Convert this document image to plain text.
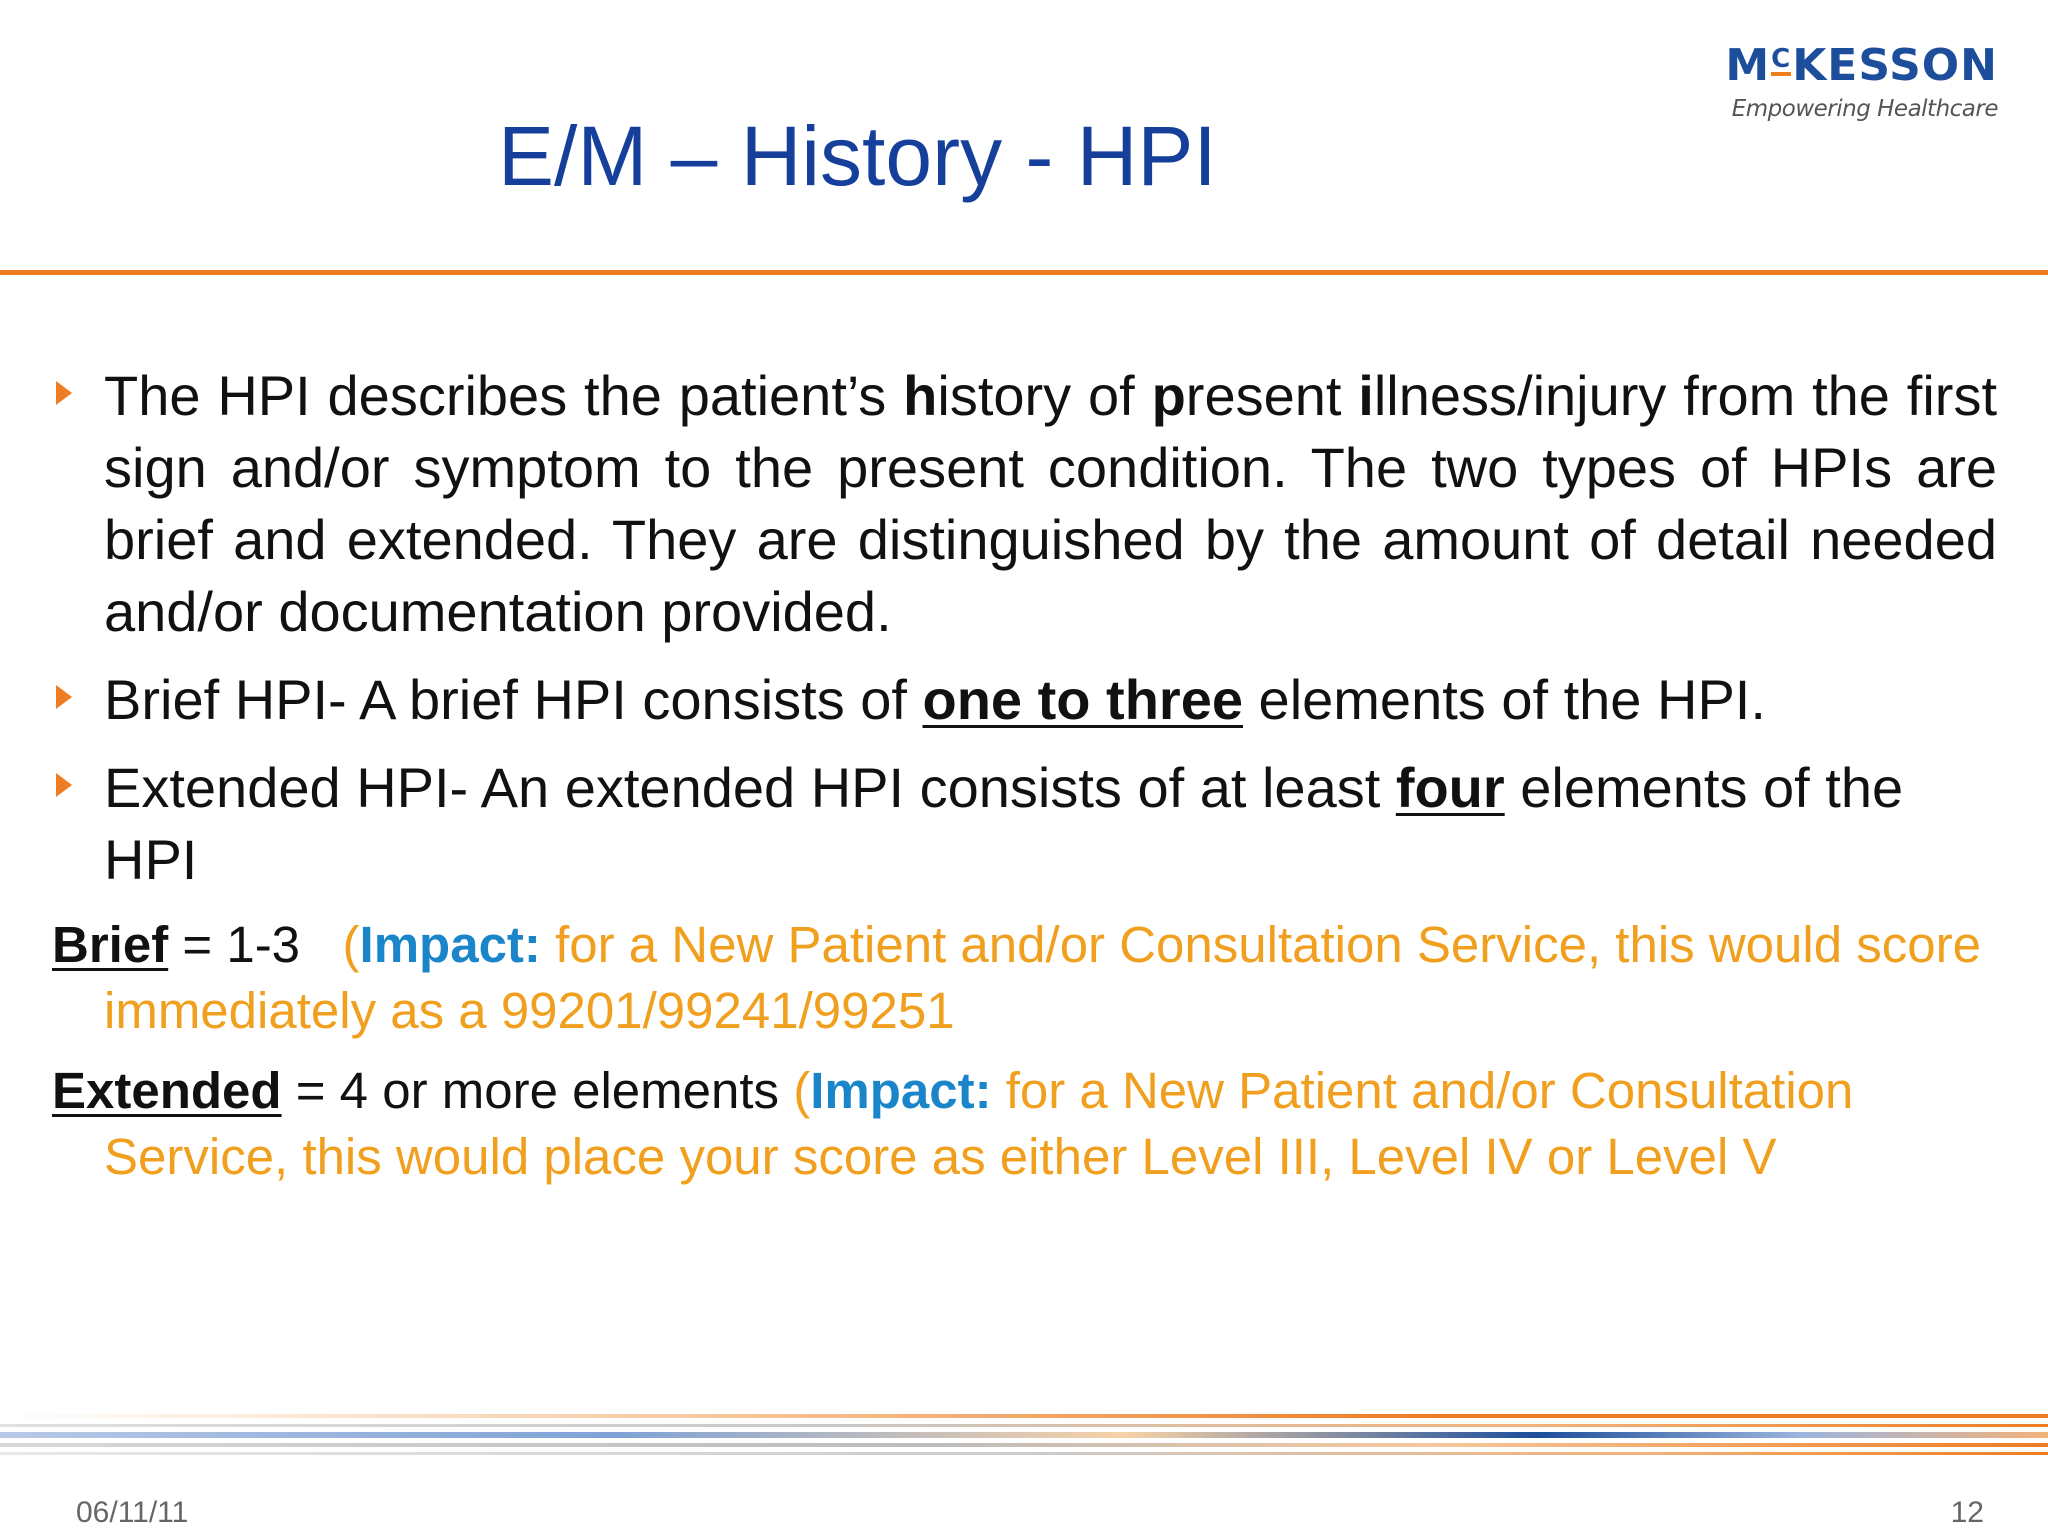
MCKESSON
Empowering Healthcare
E/M – History - HPI
The HPI describes the patient’s history of present illness/injury from the first sign and/or symptom to the present condition. The two types of HPIs are brief and extended. They are distinguished by the amount of detail needed and/or documentation provided.
Brief HPI- A brief HPI consists of one to three elements of the HPI.
Extended HPI- An extended HPI consists of at least four elements of the HPI
Brief = 1-3   (Impact: for a New Patient and/or Consultation Service, this would score immediately as a 99201/99241/99251
Extended = 4 or more elements (Impact: for a New Patient and/or Consultation Service, this would place your score as either Level III, Level IV or Level V
06/11/11	12
